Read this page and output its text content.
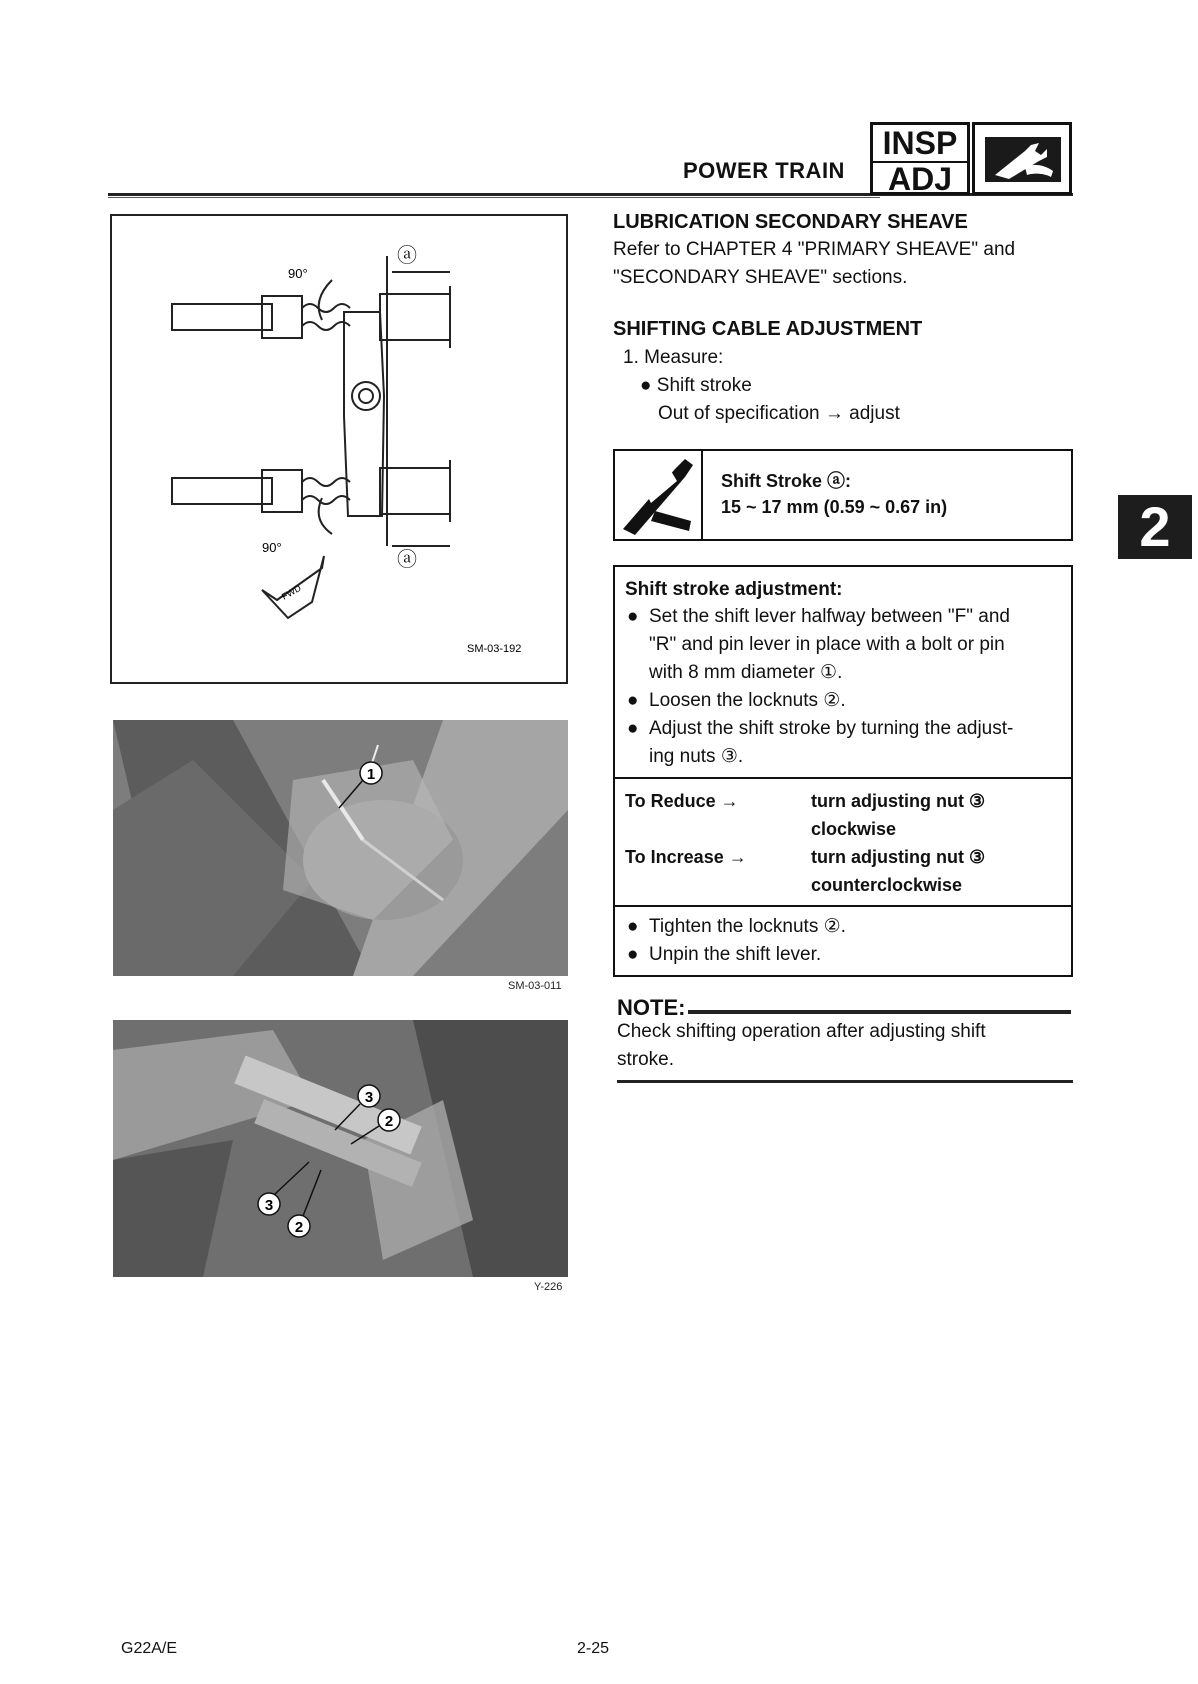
POWER TRAIN
INSP
ADJ
2
90°
90°
ⓐ
ⓐ
FWD
SM-03-192
1
SM-03-011
3
2
3
2
Y-226
LUBRICATION SECONDARY SHEAVE
Refer to CHAPTER 4 "PRIMARY SHEAVE" and
"SECONDARY SHEAVE" sections.
SHIFTING CABLE ADJUSTMENT
1. Measure:
● Shift stroke
Out of specification → adjust
Shift Stroke ⓐ:
15 ~ 17 mm (0.59 ~ 0.67 in)
Shift stroke adjustment:
● Set the shift lever halfway between "F" and
"R" and pin lever in place with a bolt or pin
with 8 mm diameter ①.
● Loosen the locknuts ②.
● Adjust the shift stroke by turning the adjust-
ing nuts ③.
To Reduce →	turn adjusting nut ③
clockwise
To Increase →	turn adjusting nut ③
counterclockwise
● Tighten the locknuts ②.
● Unpin the shift lever.
NOTE:
Check shifting operation after adjusting shift
stroke.
G22A/E	2-25
